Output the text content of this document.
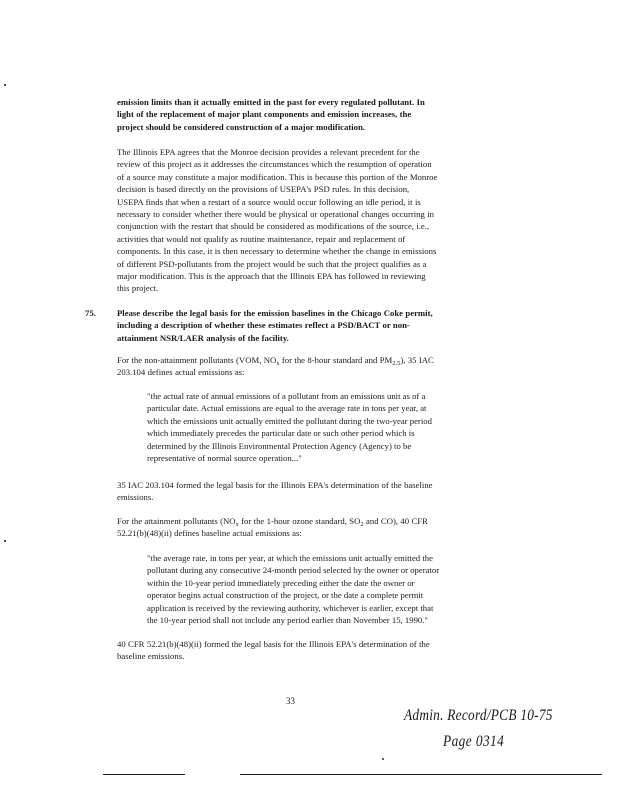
emission limits than it actually emitted in the past for every regulated pollutant. In
light of the replacement of major plant components and emission increases, the
project should be considered construction of a major modification.
The Illinois EPA agrees that the Monroe decision provides a relevant precedent for the
review of this project as it addresses the circumstances which the resumption of operation
of a source may constitute a major modification. This is because this portion of the Monroe
decision is based directly on the provisions of USEPA's PSD rules. In this decision,
USEPA finds that when a restart of a source would occur following an idle period, it is
necessary to consider whether there would be physical or operational changes occurring in
conjunction with the restart that should be considered as modifications of the source, i.e.,
activities that would not qualify as routine maintenance, repair and replacement of
components. In this case, it is then necessary to determine whether the change in emissions
of different PSD-pollutants from the project would be such that the project qualifies as a
major modification. This is the approach that the Illinois EPA has followed in reviewing
this project.
75. Please describe the legal basis for the emission baselines in the Chicago Coke permit,
including a description of whether these estimates reflect a PSD/BACT or non-
attainment NSR/LAER analysis of the facility.
For the non-attainment pollutants (VOM, $NO_x$ for the 8-hour standard and $PM_{2.5}$), 35 IAC
203.104 defines actual emissions as:
"the actual rate of annual emissions of a pollutant from an emissions unit as of a
particular date. Actual emissions are equal to the average rate in tons per year, at
which the emissions unit actually emitted the pollutant during the two-year period
which immediately precedes the particular date or such other period which is
determined by the Illinois Environmental Protection Agency (Agency) to be
representative of normal source operation..."
35 IAC 203.104 formed the legal basis for the Illinois EPA's determination of the baseline
emissions.
For the attainment pollutants ($NO_x$ for the 1-hour ozone standard, $SO_2$ and CO), 40 CFR
52.21(b)(48)(ii) defines baseline actual emissions as:
"the average rate, in tons per year, at which the emissions unit actually emitted the
pollutant during any consecutive 24-month period selected by the owner or operator
within the 10-year period immediately preceding either the date the owner or
operator begins actual construction of the project, or the date a complete permit
application is received by the reviewing authority, whichever is earlier, except that
the 10-year period shall not include any period earlier than November 15, 1990."
40 CFR 52.21(b)(48)(ii) formed the legal basis for the Illinois EPA's determination of the
baseline emissions.
33
Admin. Record/PCB 10-75
Page 0314
